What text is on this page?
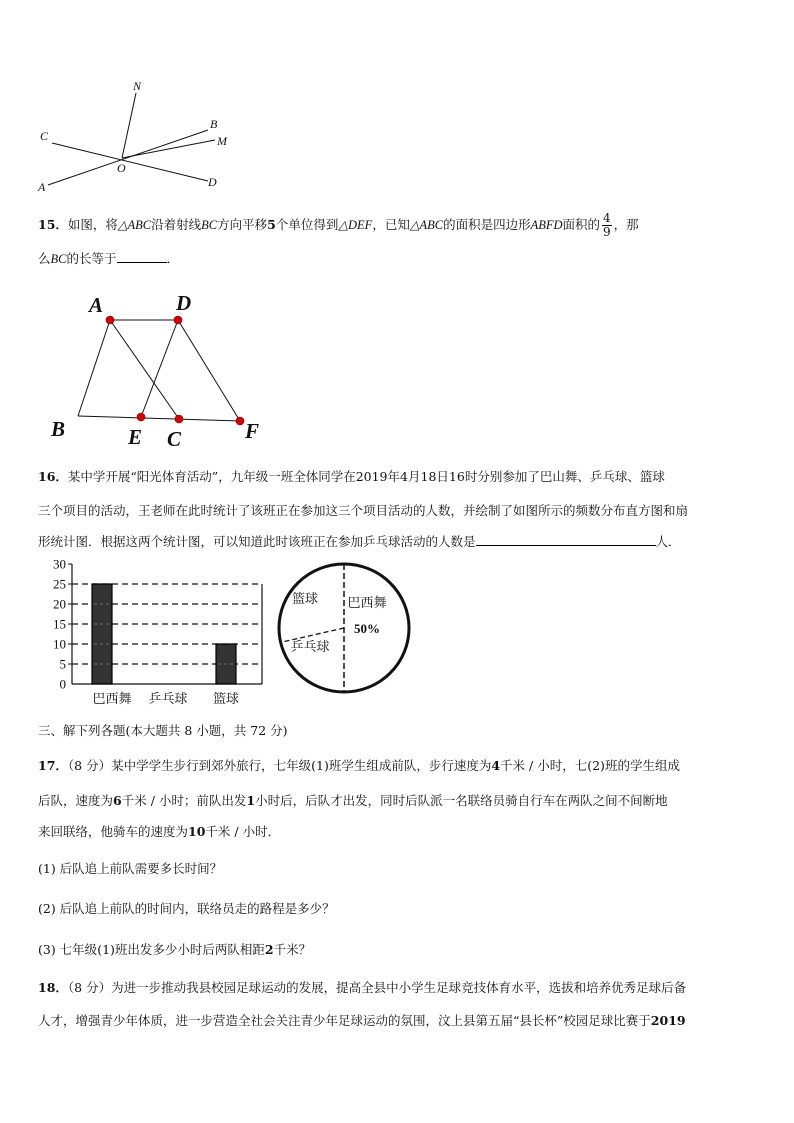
N
C
B
M
O
A	D
15．如图，将△ABC沿着射线BC方向平移5个单位得到△DEF，已知△ABC的面积是四边形ABFD面积的 $\frac{4}{9}$ ，那
么BC的长等于	．
A	D
B	E C	F
16．某中学开展“阳光体育活动”，九年级一班全体同学在2019年4月18日16时分别参加了巴山舞、乒乓球、篮球
三个项目的活动，王老师在此时统计了该班正在参加这三个项目活动的人数，并绘制了如图所示的频数分布直方图和扇
形统计图．根据这两个统计图，可以知道此时该班正在参加乒乓球活动的人数是	人．
0
5
10
15
20
25
30
巴西舞 乒乓球 篮球
篮球 巴西舞
乒乓球
50%
三、解下列各题(本大题共 8 小题，共 72 分)
17．（8 分）某中学学生步行到郊外旅行，七年级(1)班学生组成前队，步行速度为4千米 / 小时，七(2)班的学生组成
后队，速度为6千米 / 小时；前队出发1小时后，后队才出发，同时后队派一名联络员骑自行车在两队之间不间断地
来回联络，他骑车的速度为10千米 / 小时．
(1) 后队追上前队需要多长时间？
(2) 后队追上前队的时间内，联络员走的路程是多少？
(3) 七年级(1)班出发多少小时后两队相距2千米？
18．（8 分）为进一步推动我县校园足球运动的发展，提高全县中小学生足球竞技体育水平，选拔和培养优秀足球后备
人才，增强青少年体质，进一步营造全社会关注青少年足球运动的氛围，汶上县第五届“县长杯”校园足球比赛于2019
